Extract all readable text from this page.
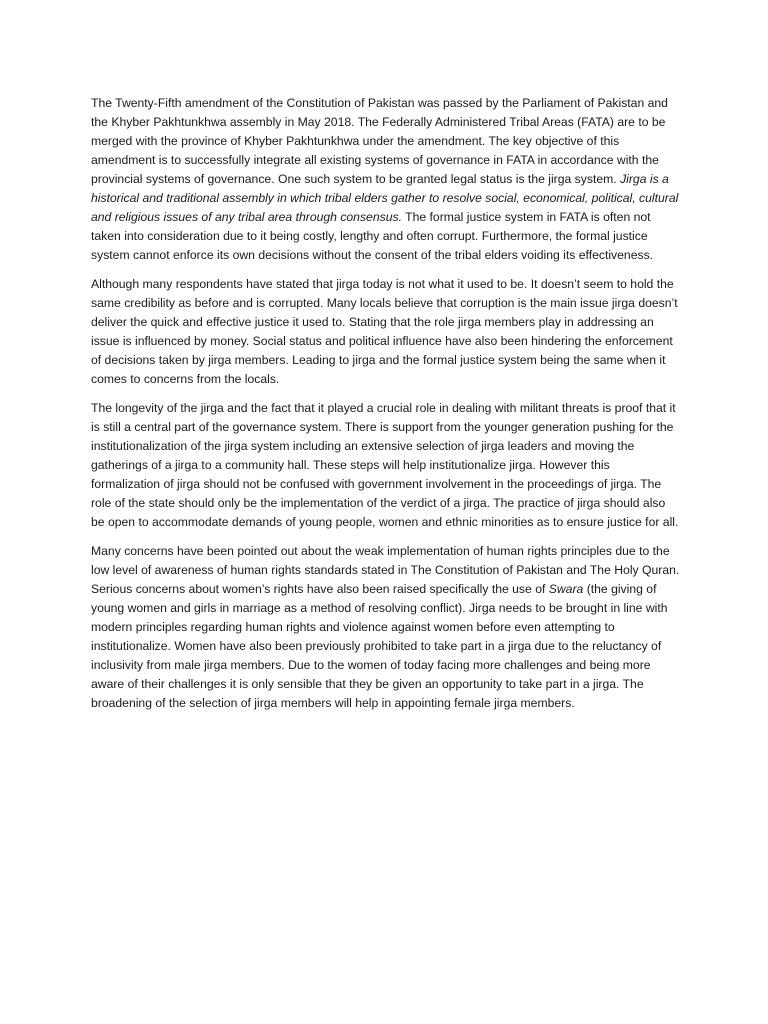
The Twenty-Fifth amendment of the Constitution of Pakistan was passed by the Parliament of Pakistan and the Khyber Pakhtunkhwa assembly in May 2018. The Federally Administered Tribal Areas (FATA) are to be merged with the province of Khyber Pakhtunkhwa under the amendment. The key objective of this amendment is to successfully integrate all existing systems of governance in FATA in accordance with the provincial systems of governance. One such system to be granted legal status is the jirga system. Jirga is a historical and traditional assembly in which tribal elders gather to resolve social, economical, political, cultural and religious issues of any tribal area through consensus. The formal justice system in FATA is often not taken into consideration due to it being costly, lengthy and often corrupt. Furthermore, the formal justice system cannot enforce its own decisions without the consent of the tribal elders voiding its effectiveness.

Although many respondents have stated that jirga today is not what it used to be. It doesn’t seem to hold the same credibility as before and is corrupted. Many locals believe that corruption is the main issue jirga doesn’t deliver the quick and effective justice it used to. Stating that the role jirga members play in addressing an issue is influenced by money. Social status and political influence have also been hindering the enforcement of decisions taken by jirga members. Leading to jirga and the formal justice system being the same when it comes to concerns from the locals.

The longevity of the jirga and the fact that it played a crucial role in dealing with militant threats is proof that it is still a central part of the governance system. There is support from the younger generation pushing for the institutionalization of the jirga system including an extensive selection of jirga leaders and moving the gatherings of a jirga to a community hall. These steps will help institutionalize jirga. However this formalization of jirga should not be confused with government involvement in the proceedings of jirga. The role of the state should only be the implementation of the verdict of a jirga. The practice of jirga should also be open to accommodate demands of young people, women and ethnic minorities as to ensure justice for all.

Many concerns have been pointed out about the weak implementation of human rights principles due to the low level of awareness of human rights standards stated in The Constitution of Pakistan and The Holy Quran. Serious concerns about women’s rights have also been raised specifically the use of Swara (the giving of young women and girls in marriage as a method of resolving conflict). Jirga needs to be brought in line with modern principles regarding human rights and violence against women before even attempting to institutionalize. Women have also been previously prohibited to take part in a jirga due to the reluctancy of inclusivity from male jirga members. Due to the women of today facing more challenges and being more aware of their challenges it is only sensible that they be given an opportunity to take part in a jirga. The broadening of the selection of jirga members will help in appointing female jirga members.
